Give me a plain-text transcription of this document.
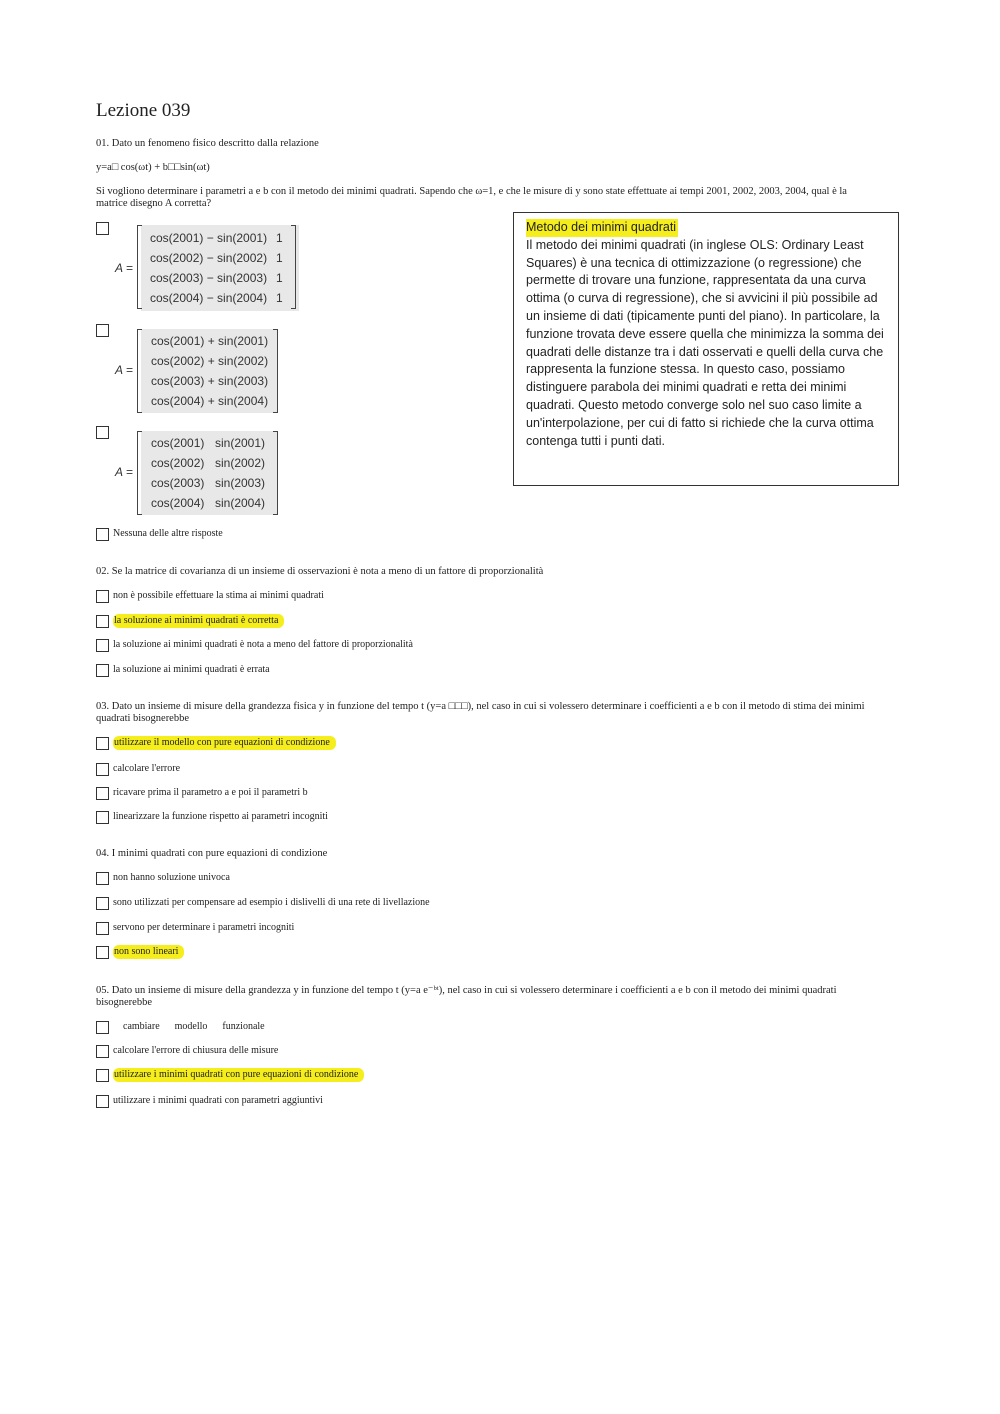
Lezione 039
01. Dato un fenomeno fisico descritto dalla relazione
y=a□ cos(ωt) + b□□sin(ωt)
Si vogliono determinare i parametri a e b con il metodo dei minimi quadrati. Sapendo che ω=1, e che le misure di y sono state effettuate ai tempi 2001, 2002, 2003, 2004, qual è la matrice disegno A corretta?
A =
cos(2001) − sin(2001) 1
cos(2002) − sin(2002) 1
cos(2003) − sin(2003) 1
cos(2004) − sin(2004) 1
A =
cos(2001) + sin(2001)
cos(2002) + sin(2002)
cos(2003) + sin(2003)
cos(2004) + sin(2004)
A =
cos(2001) sin(2001)
cos(2002) sin(2002)
cos(2003) sin(2003)
cos(2004) sin(2004)
Nessuna delle altre risposte
Metodo dei minimi quadrati
Il metodo dei minimi quadrati (in inglese OLS: Ordinary Least Squares) è una tecnica di ottimizzazione (o regressione) che permette di trovare una funzione, rappresentata da una curva ottima (o curva di regressione), che si avvicini il più possibile ad un insieme di dati (tipicamente punti del piano). In particolare, la funzione trovata deve essere quella che minimizza la somma dei quadrati delle distanze tra i dati osservati e quelli della curva che rappresenta la funzione stessa. In questo caso, possiamo distinguere parabola dei minimi quadrati e retta dei minimi quadrati. Questo metodo converge solo nel suo caso limite a un'interpolazione, per cui di fatto si richiede che la curva ottima contenga tutti i punti dati.
02. Se la matrice di covarianza di un insieme di osservazioni è nota a meno di un fattore di proporzionalità
non è possibile effettuare la stima ai minimi quadrati
la soluzione ai minimi quadrati è corretta
la soluzione ai minimi quadrati è nota a meno del fattore di proporzionalità
la soluzione ai minimi quadrati è errata
03. Dato un insieme di misure della grandezza fisica y in funzione del tempo t (y=a □□□), nel caso in cui si volessero determinare i coefficienti a e b con il metodo di stima dei minimi quadrati bisognerebbe
utilizzare il modello con pure equazioni di condizione
calcolare l'errore
ricavare prima il parametro a e poi il parametri b
linearizzare la funzione rispetto ai parametri incogniti
04. I minimi quadrati con pure equazioni di condizione
non hanno soluzione univoca
sono utilizzati per compensare ad esempio i dislivelli di una rete di livellazione
servono per determinare i parametri incogniti
non sono lineari
05. Dato un insieme di misure della grandezza y in funzione del tempo t (y=a e⁻ᵇᵗ), nel caso in cui si volessero determinare i coefficienti a e b con il metodo dei minimi quadrati bisognerebbe
cambiare      modello      funzionale
calcolare l'errore di chiusura delle misure
utilizzare i minimi quadrati con pure equazioni di condizione
utilizzare i minimi quadrati con parametri aggiuntivi
